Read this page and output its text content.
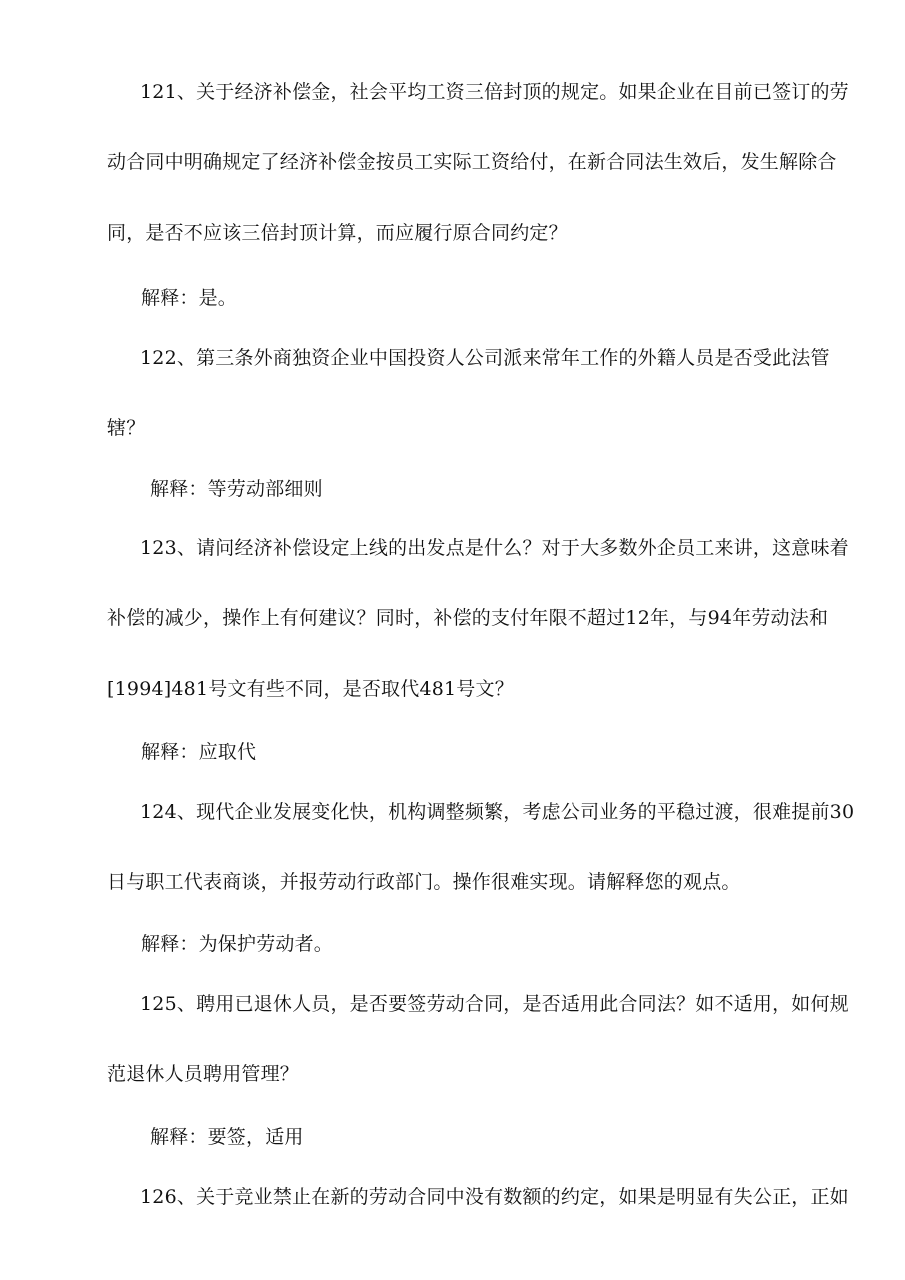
121、关于经济补偿金，社会平均工资三倍封顶的规定。如果企业在目前已签订的劳
动合同中明确规定了经济补偿金按员工实际工资给付，在新合同法生效后，发生解除合
同，是否不应该三倍封顶计算，而应履行原合同约定？
解释：是。
122、第三条外商独资企业中国投资人公司派来常年工作的外籍人员是否受此法管
辖？
解释：等劳动部细则
123、请问经济补偿设定上线的出发点是什么？对于大多数外企员工来讲，这意味着
补偿的减少，操作上有何建议？同时，补偿的支付年限不超过12年，与94年劳动法和
[1994]481号文有些不同，是否取代481号文？
解释：应取代
124、现代企业发展变化快，机构调整频繁，考虑公司业务的平稳过渡，很难提前30
日与职工代表商谈，并报劳动行政部门。操作很难实现。请解释您的观点。
解释：为保护劳动者。
125、聘用已退休人员，是否要签劳动合同，是否适用此合同法？如不适用，如何规
范退休人员聘用管理？
解释：要签，适用
126、关于竞业禁止在新的劳动合同中没有数额的约定，如果是明显有失公正，正如
